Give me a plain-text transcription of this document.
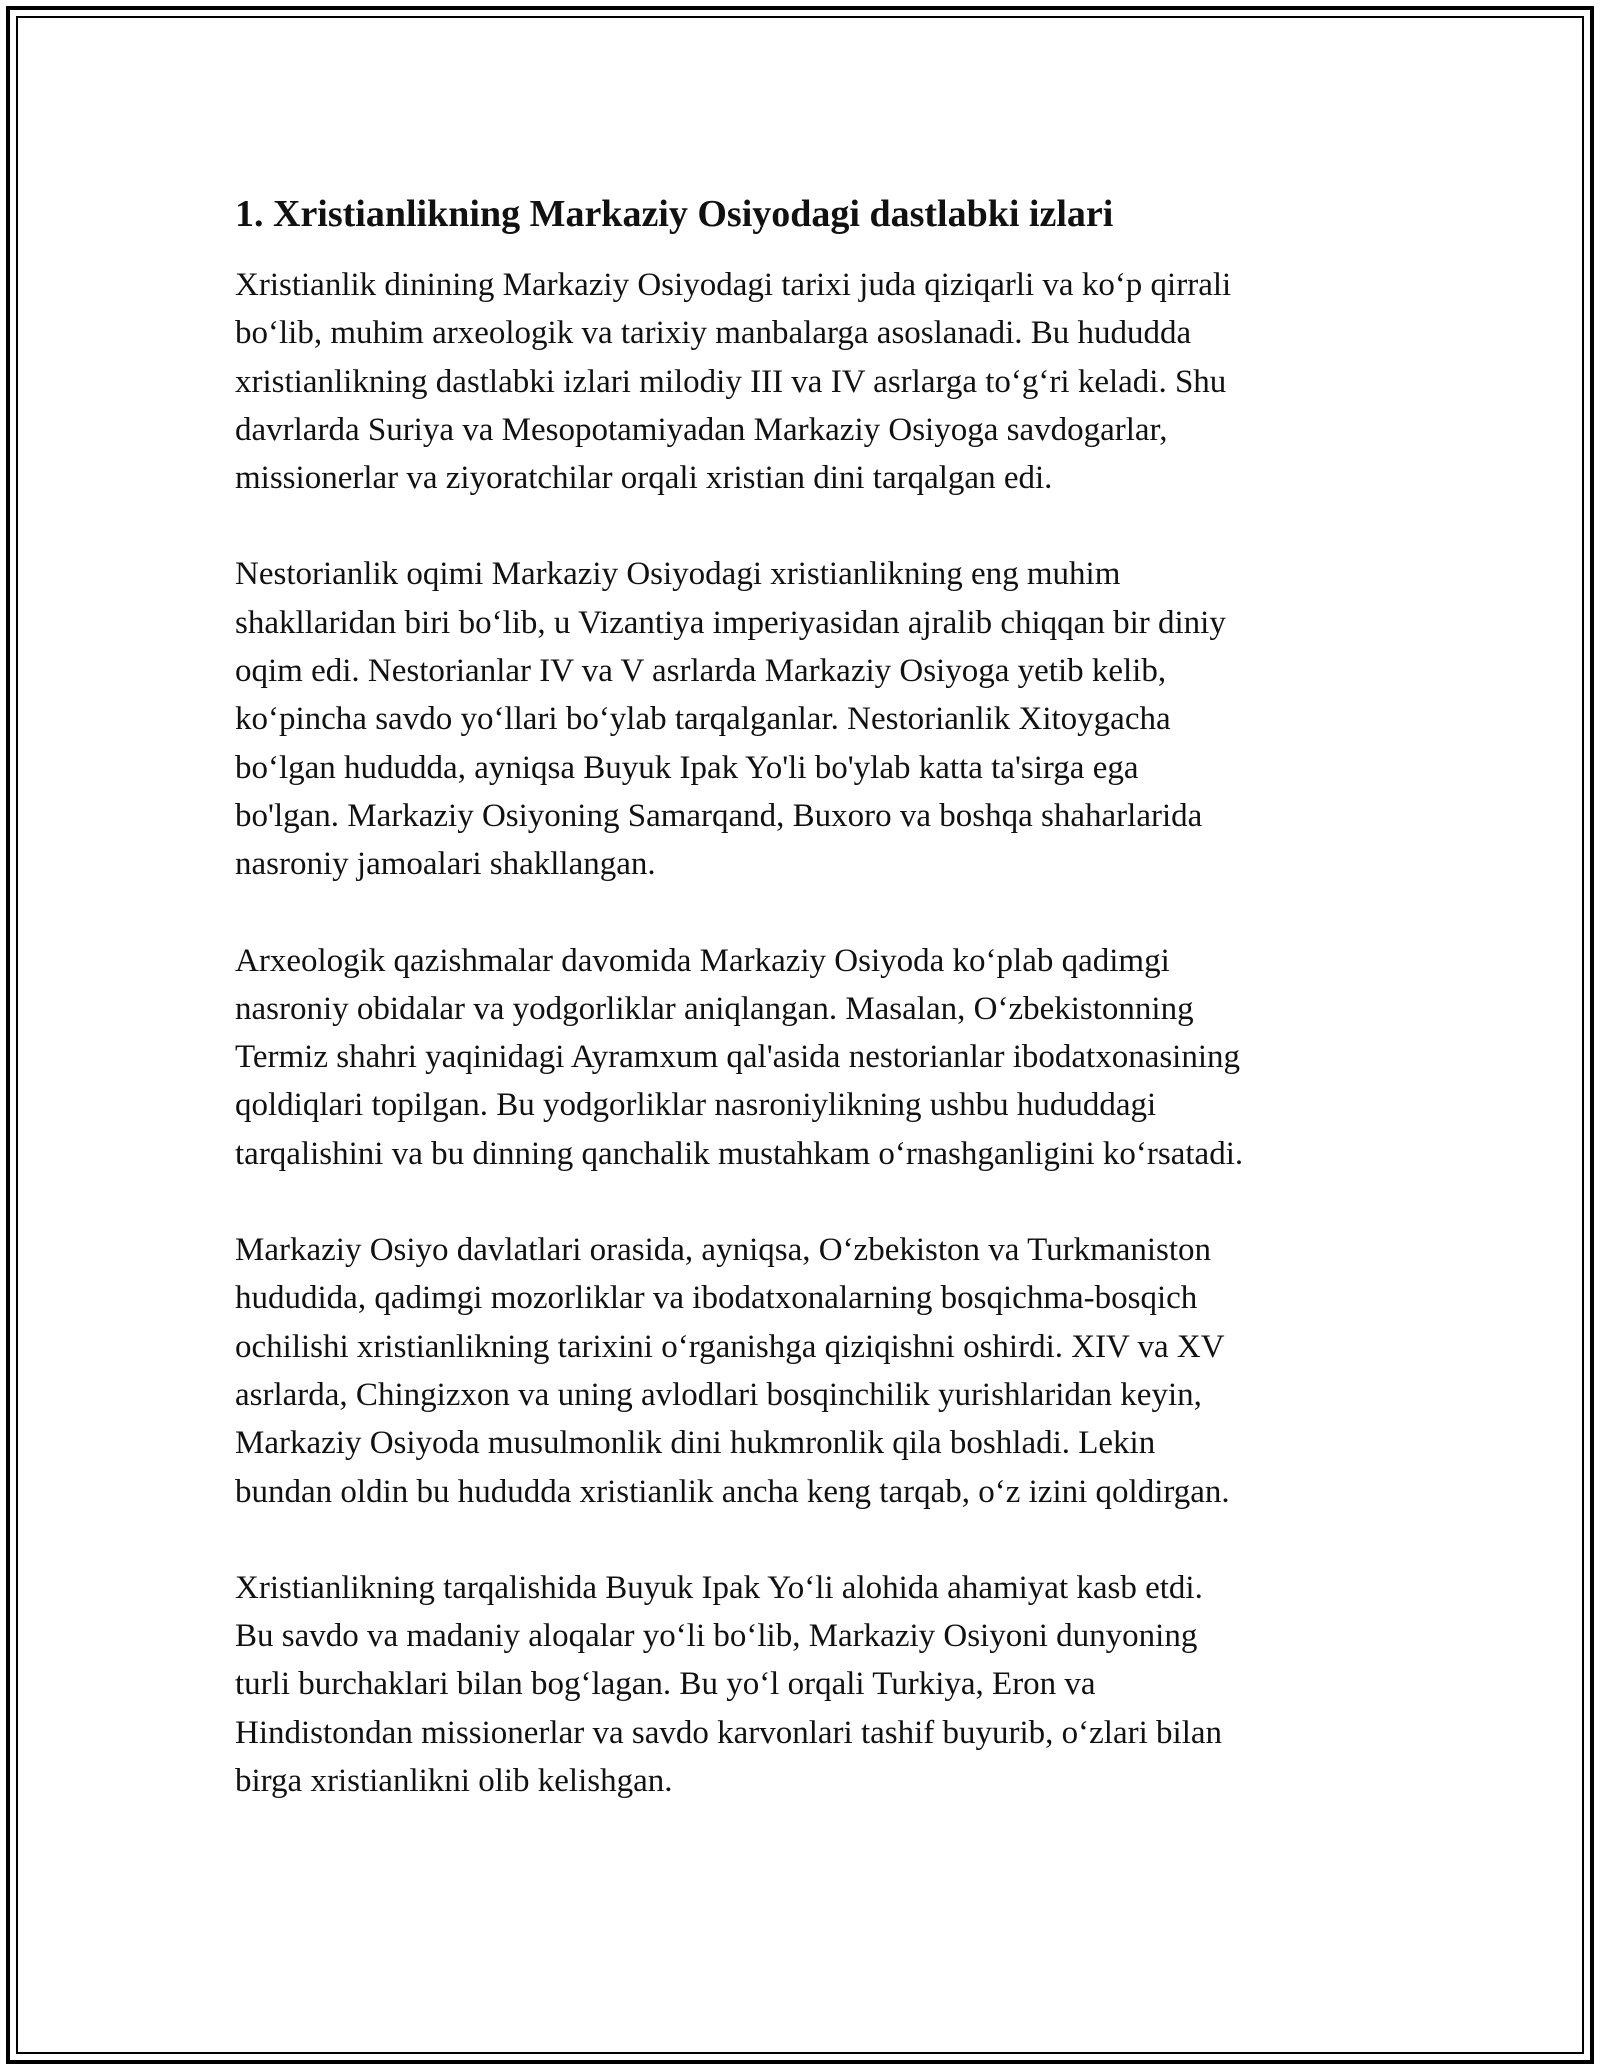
1. Xristianlikning Markaziy Osiyodagi dastlabki izlari

Xristianlik dinining Markaziy Osiyodagi tarixi juda qiziqarli va ko‘p qirrali
bo‘lib, muhim arxeologik va tarixiy manbalarga asoslanadi. Bu hududda
xristianlikning dastlabki izlari milodiy III va IV asrlarga to‘g‘ri keladi. Shu
davrlarda Suriya va Mesopotamiyadan Markaziy Osiyoga savdogarlar,
missionerlar va ziyoratchilar orqali xristian dini tarqalgan edi.

Nestorianlik oqimi Markaziy Osiyodagi xristianlikning eng muhim
shakllaridan biri bo‘lib, u Vizantiya imperiyasidan ajralib chiqqan bir diniy
oqim edi. Nestorianlar IV va V asrlarda Markaziy Osiyoga yetib kelib,
ko‘pincha savdo yo‘llari bo‘ylab tarqalganlar. Nestorianlik Xitoygacha
bo‘lgan hududda, ayniqsa Buyuk Ipak Yo'li bo'ylab katta ta'sirga ega
bo'lgan. Markaziy Osiyoning Samarqand, Buxoro va boshqa shaharlarida
nasroniy jamoalari shakllangan.

Arxeologik qazishmalar davomida Markaziy Osiyoda ko‘plab qadimgi
nasroniy obidalar va yodgorliklar aniqlangan. Masalan, O‘zbekistonning
Termiz shahri yaqinidagi Ayramxum qal'asida nestorianlar ibodatxonasining
qoldiqlari topilgan. Bu yodgorliklar nasroniylikning ushbu hududdagi
tarqalishini va bu dinning qanchalik mustahkam o‘rnashganligini ko‘rsatadi.

Markaziy Osiyo davlatlari orasida, ayniqsa, O‘zbekiston va Turkmaniston
hududida, qadimgi mozorliklar va ibodatxonalarning bosqichma-bosqich
ochilishi xristianlikning tarixini o‘rganishga qiziqishni oshirdi. XIV va XV
asrlarda, Chingizxon va uning avlodlari bosqinchilik yurishlaridan keyin,
Markaziy Osiyoda musulmonlik dini hukmronlik qila boshladi. Lekin
bundan oldin bu hududda xristianlik ancha keng tarqab, o‘z izini qoldirgan.

Xristianlikning tarqalishida Buyuk Ipak Yo‘li alohida ahamiyat kasb etdi.
Bu savdo va madaniy aloqalar yo‘li bo‘lib, Markaziy Osiyoni dunyoning
turli burchaklari bilan bog‘lagan. Bu yo‘l orqali Turkiya, Eron va
Hindistondan missionerlar va savdo karvonlari tashif buyurib, o‘zlari bilan
birga xristianlikni olib kelishgan.
